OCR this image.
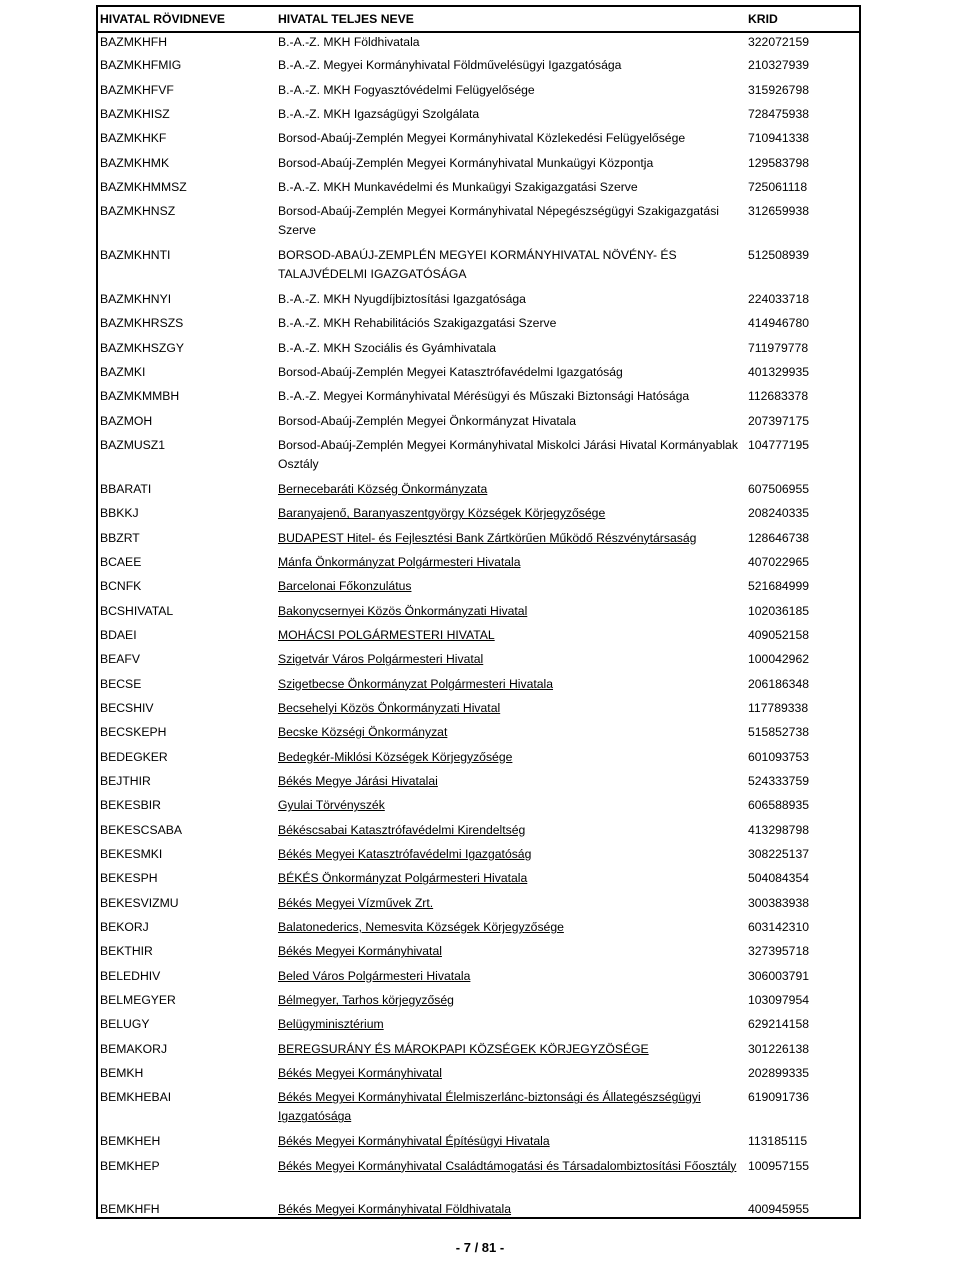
HIVATAL RÖVIDNEVE	HIVATAL TELJES NEVE	KRID
BAZMKHFH	B.-A.-Z. MKH Földhivatala	322072159
BAZMKHFMIG	B.-A.-Z. Megyei Kormányhivatal Földművelésügyi Igazgatósága	210327939
BAZMKHFVF	B.-A.-Z. MKH Fogyasztóvédelmi Felügyelősége	315926798
BAZMKHISZ	B.-A.-Z. MKH Igazságügyi Szolgálata	728475938
BAZMKHKF	Borsod-Abaúj-Zemplén Megyei Kormányhivatal Közlekedési Felügyelősége	710941338
BAZMKHMK	Borsod-Abaúj-Zemplén Megyei Kormányhivatal Munkaügyi Központja	129583798
BAZMKHMMSZ	B.-A.-Z. MKH Munkavédelmi és Munkaügyi Szakigazgatási Szerve	725061118
BAZMKHNSZ	Borsod-Abaúj-Zemplén Megyei Kormányhivatal Népegészségügyi Szakigazgatási Szerve	312659938
BAZMKHNTI	BORSOD-ABAÚJ-ZEMPLÉN MEGYEI KORMÁNYHIVATAL NÖVÉNY- ÉS TALAJVÉDELMI IGAZGATÓSÁGA	512508939
BAZMKHNYI	B.-A.-Z. MKH Nyugdíjbiztosítási Igazgatósága	224033718
BAZMKHRSZS	B.-A.-Z. MKH Rehabilitációs Szakigazgatási Szerve	414946780
BAZMKHSZGY	B.-A.-Z. MKH Szociális és Gyámhivatala	711979778
BAZMKI	Borsod-Abaúj-Zemplén Megyei Katasztrófavédelmi Igazgatóság	401329935
BAZMKMMBH	B.-A.-Z. Megyei Kormányhivatal Mérésügyi és Műszaki Biztonsági Hatósága	112683378
BAZMOH	Borsod-Abaúj-Zemplén Megyei Önkormányzat Hivatala	207397175
BAZMUSZ1	Borsod-Abaúj-Zemplén Megyei Kormányhivatal Miskolci Járási Hivatal Kormányablak Osztály	104777195
BBARATI	Bernecebaráti Község Önkormányzata	607506955
BBKKJ	Baranyajenő, Baranyaszentgyörgy Községek Körjegyzősége	208240335
BBZRT	BUDAPEST Hitel- és Fejlesztési Bank Zártkörűen Működő Részvénytársaság	128646738
BCAEE	Mánfa Önkormányzat Polgármesteri Hivatala	407022965
BCNFK	Barcelonai Főkonzulátus	521684999
BCSHIVATAL	Bakonycsernyei Közös Önkormányzati Hivatal	102036185
BDAEI	MOHÁCSI POLGÁRMESTERI HIVATAL	409052158
BEAFV	Szigetvár Város Polgármesteri Hivatal	100042962
BECSE	Szigetbecse Önkormányzat Polgármesteri Hivatala	206186348
BECSHIV	Becsehelyi Közös Önkormányzati Hivatal	117789338
BECSKEPH	Becske Községi Önkormányzat	515852738
BEDEGKER	Bedegkér-Miklósi Községek Körjegyzősége	601093753
BEJTHIR	Békés Megye Járási Hivatalai	524333759
BEKESBIR	Gyulai Törvényszék	606588935
BEKESCSABA	Békéscsabai Katasztrófavédelmi Kirendeltség	413298798
BEKESMKI	Békés Megyei Katasztrófavédelmi Igazgatóság	308225137
BEKESPH	BÉKÉS Önkormányzat Polgármesteri Hivatala	504084354
BEKESVIZMU	Békés Megyei Vízművek Zrt.	300383938
BEKORJ	Balatonederics, Nemesvita Községek Körjegyzősége	603142310
BEKTHIR	Békés Megyei Kormányhivatal	327395718
BELEDHIV	Beled Város Polgármesteri Hivatala	306003791
BELMEGYER	Bélmegyer, Tarhos körjegyzőség	103097954
BELUGY	Belügyminisztérium	629214158
BEMAKORJ	BEREGSURÁNY ÉS MÁROKPAPI KÖZSÉGEK KÖRJEGYZÖSÉGE	301226138
BEMKH	Békés Megyei Kormányhivatal	202899335
BEMKHEBAI	Békés Megyei Kormányhivatal Élelmiszerlánc-biztonsági és Állategészségügyi Igazgatósága	619091736
BEMKHEH	Békés Megyei Kormányhivatal Építésügyi Hivatala	113185115
BEMKHEP	Békés Megyei Kormányhivatal Családtámogatási és Társadalombiztosítási Főosztály	100957155
BEMKHFH	Békés Megyei Kormányhivatal Földhivatala	400945955
- 7 / 81 -
